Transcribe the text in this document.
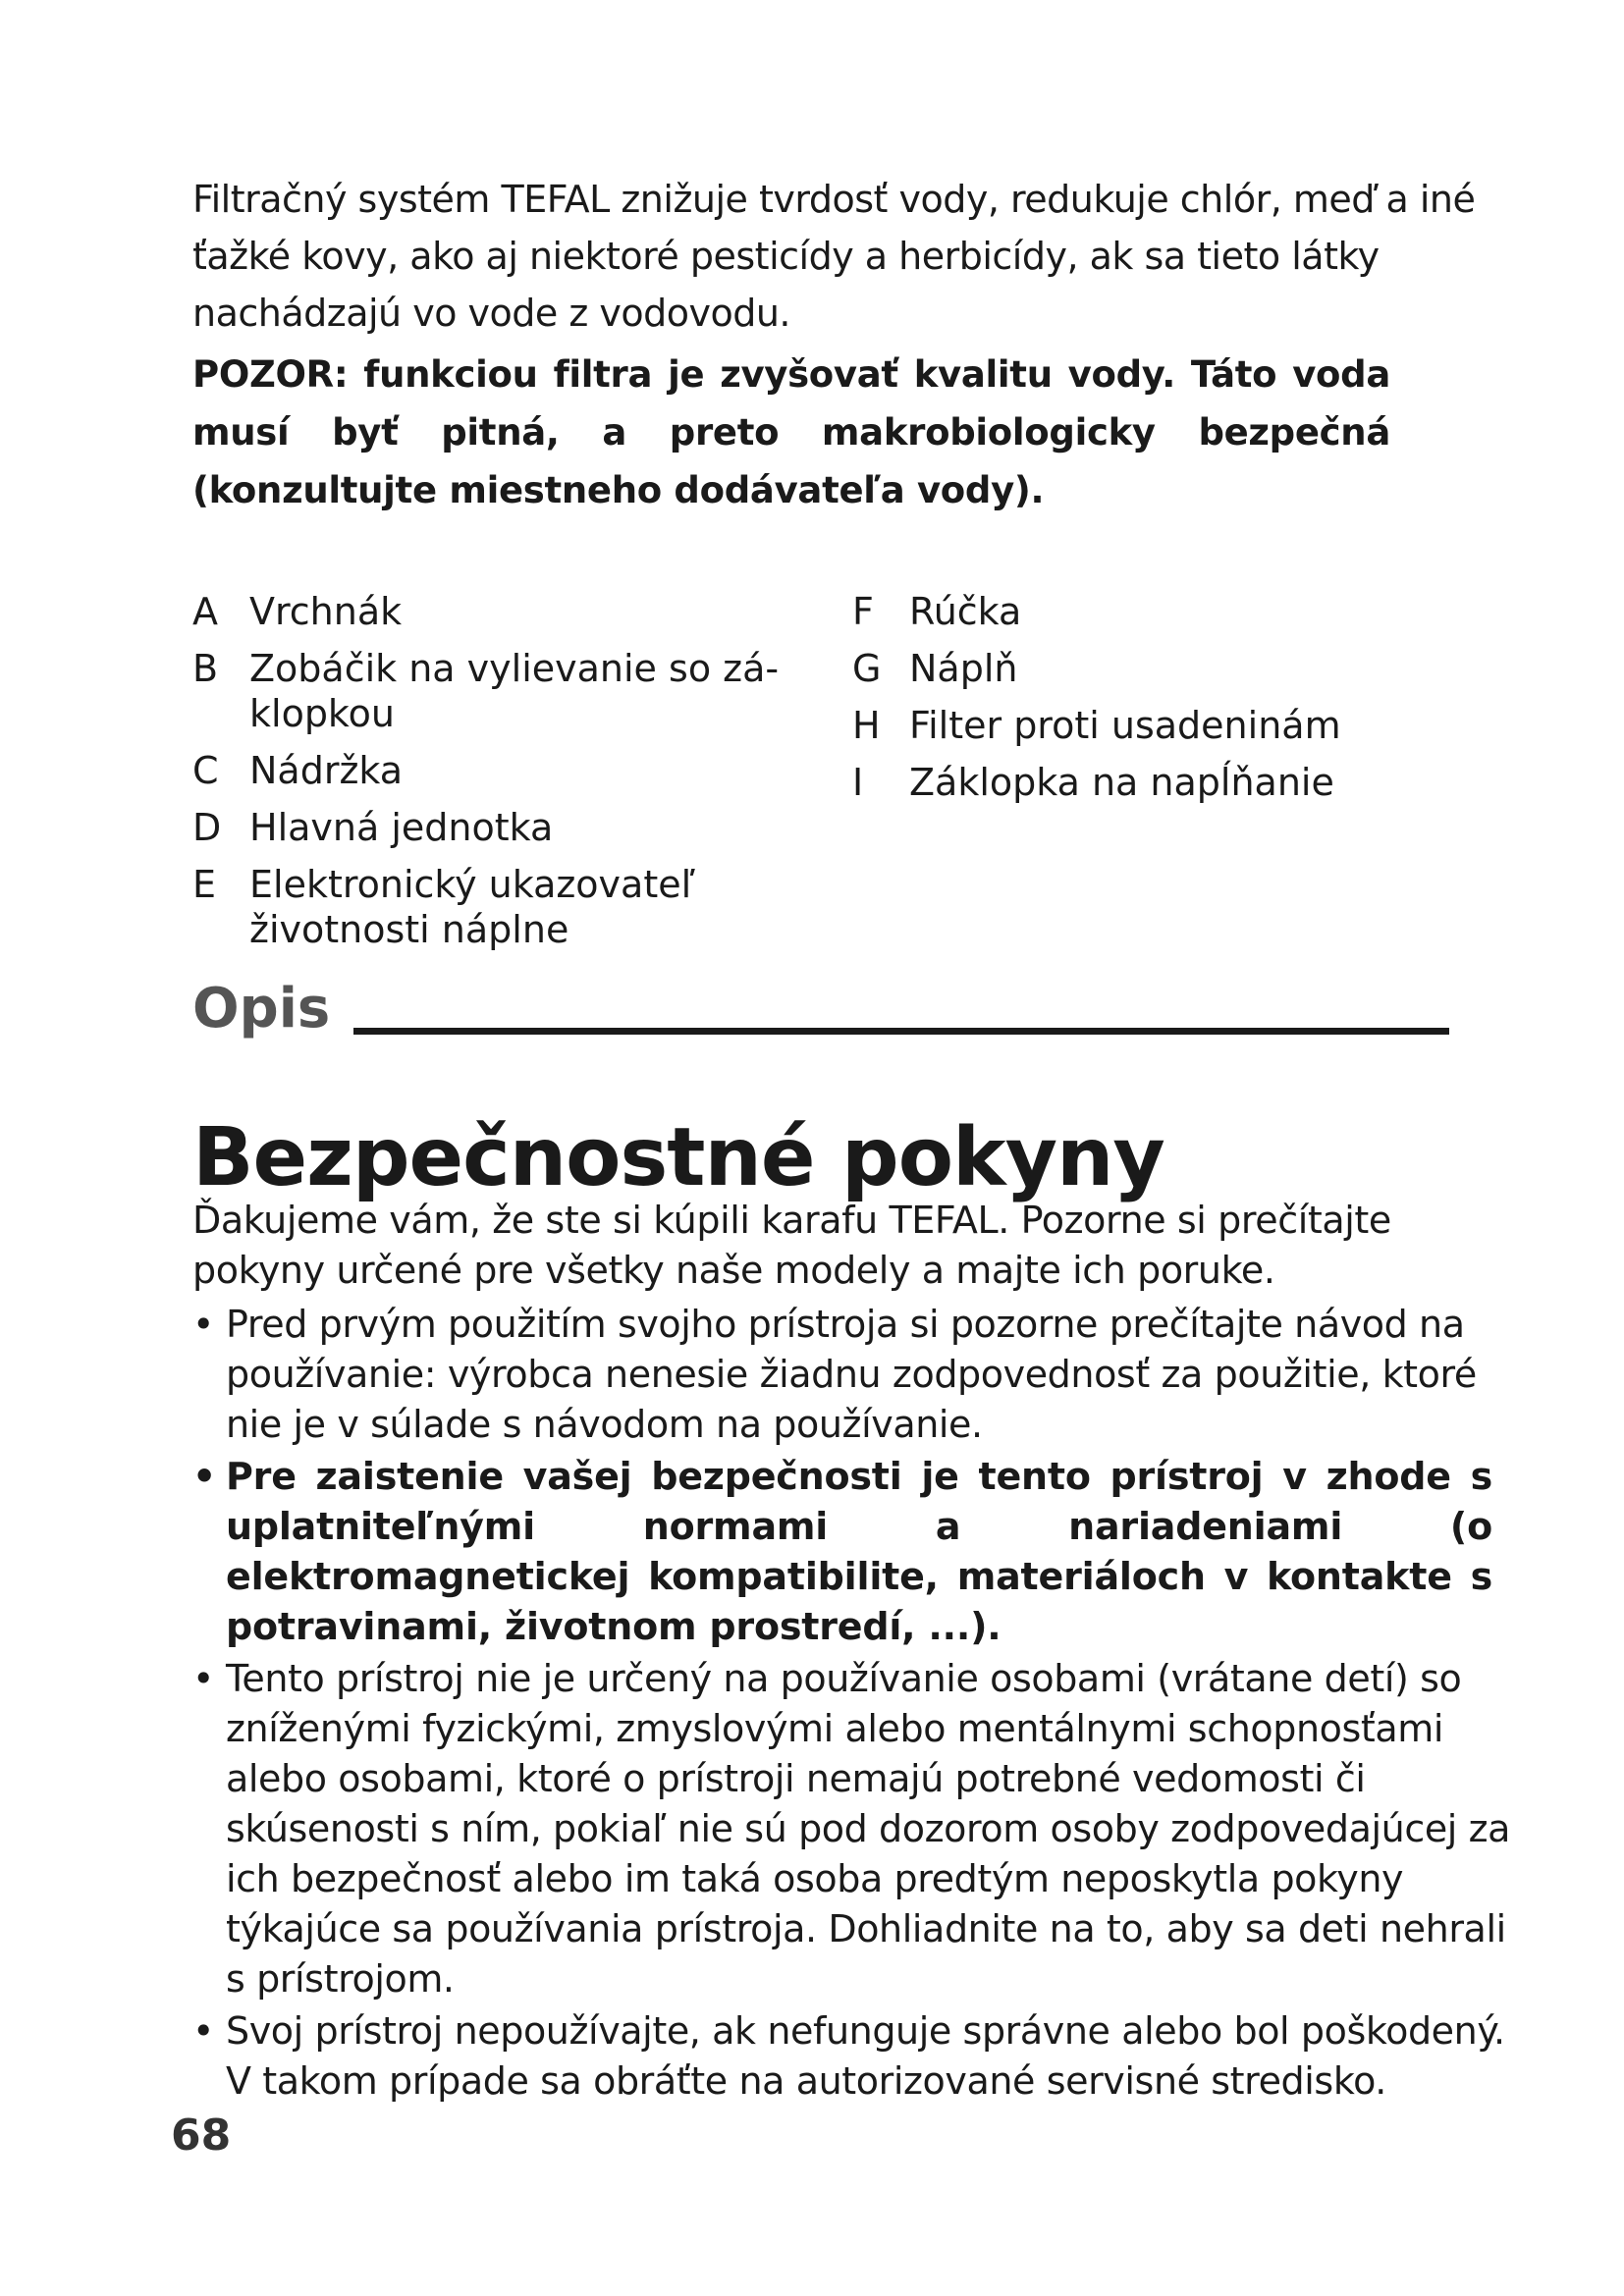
Filtračný systém TEFAL znižuje tvrdosť vody, redukuje chlór, meď a iné ťažké kovy, ako aj niektoré pesticídy a herbicídy, ak sa tieto látky nachádzajú vo vode z vodovodu.

POZOR: funkciou filtra je zvyšovať kvalitu vody. Táto voda musí byť pitná, a preto makrobiologicky bezpečná (konzultujte miestneho dodávateľa vody).
A Vrchnák
B Zobáčik na vylievanie so zá-klopkou
C Nádržka
D Hlavná jednotka
E Elektronický ukazovateľ životnosti náplne
F Rúčka
G Náplň
H Filter proti usadeninám
I	Záklopka na napĺňanie
Opis
Bezpečnostné pokyny

Ďakujeme vám, že ste si kúpili karafu TEFAL. Pozorne si prečítajte pokyny určené pre všetky naše modely a majte ich poruke.

• Pred prvým použitím svojho prístroja si pozorne prečítajte návod na používanie: výrobca nenesie žiadnu zodpovednosť za použitie, ktoré nie je v súlade s návodom na používanie.
• Pre zaistenie vašej bezpečnosti je tento prístroj v zhode s uplatniteľnými normami a nariadeniami (o elektromagnetickej kompatibilite, materiáloch v kontakte s potravinami, životnom prostredí, ...).
• Tento prístroj nie je určený na používanie osobami (vrátane detí) so zníženými fyzickými, zmyslovými alebo mentálnymi schopnosťami alebo osobami, ktoré o prístroji nemajú potrebné vedomosti či skúsenosti s ním, pokiaľ nie sú pod dozorom osoby zodpovedajúcej za ich bezpečnosť alebo im taká osoba predtým neposkytla pokyny týkajúce sa používania prístroja. Dohliadnite na to, aby sa deti nehrali s prístrojom.
• Svoj prístroj nepoužívajte, ak nefunguje správne alebo bol poškodený. V takom prípade sa obráťte na autorizované servisné stredisko.
68
